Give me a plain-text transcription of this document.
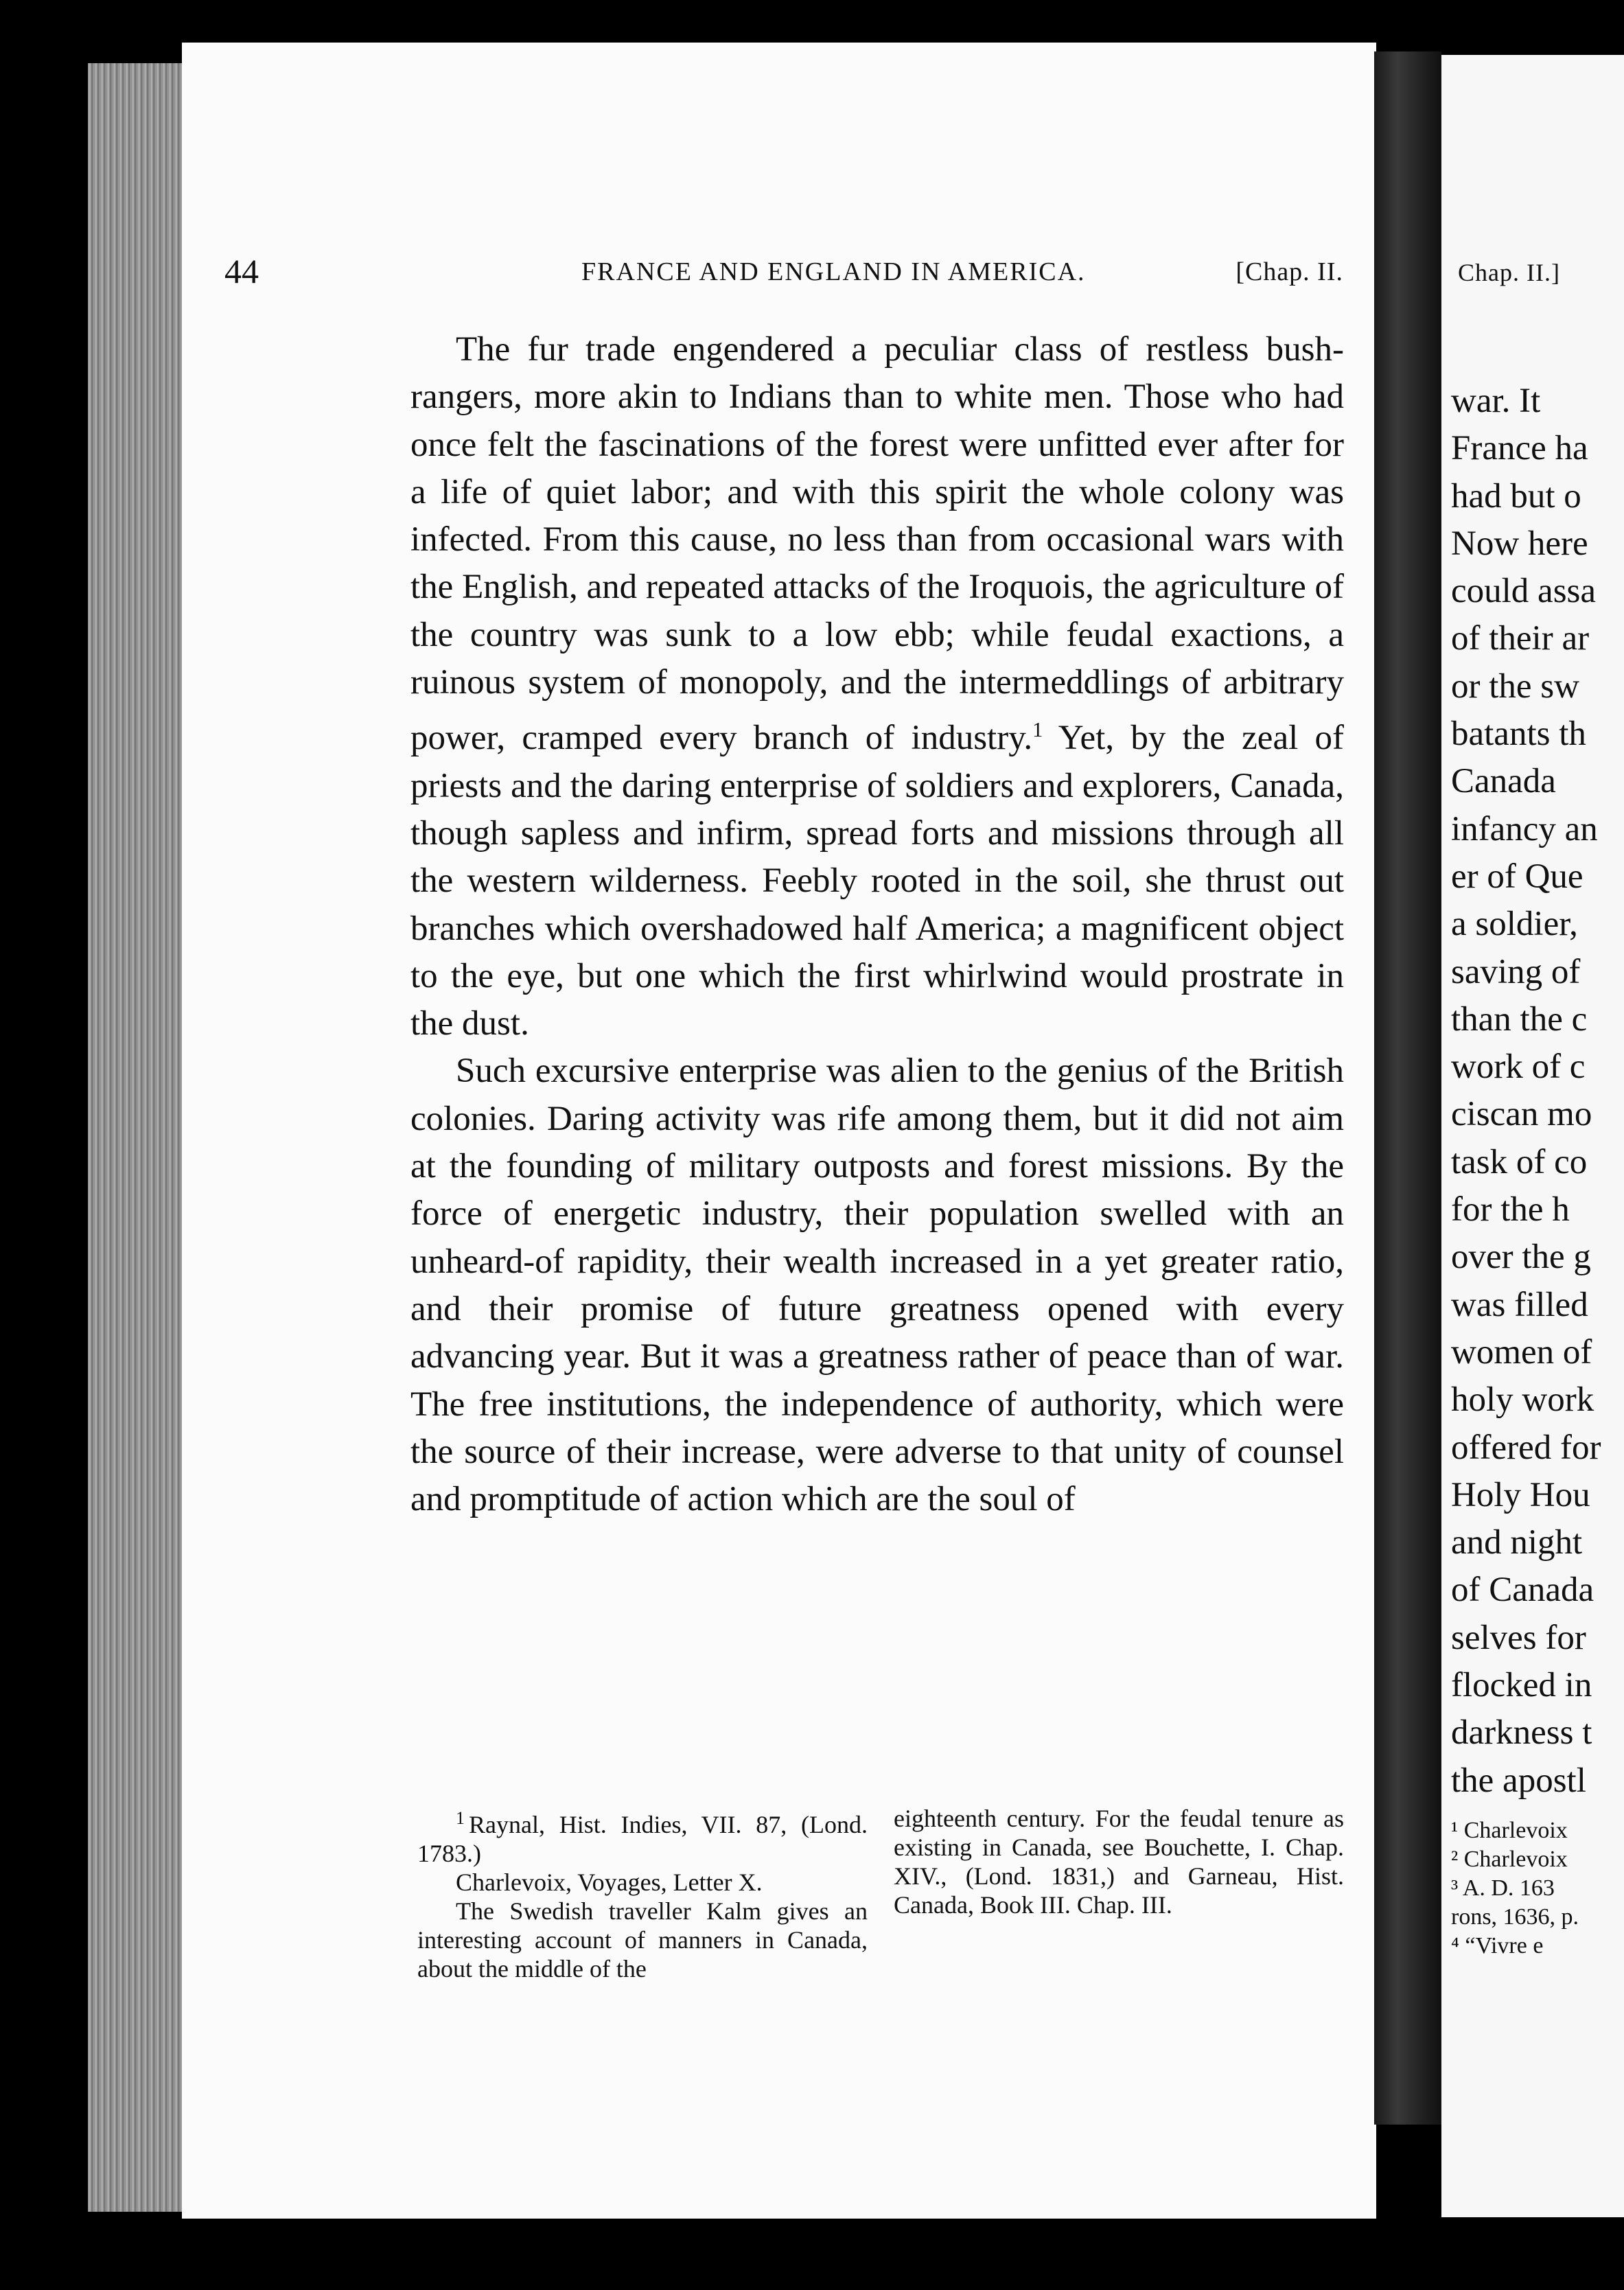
44	FRANCE AND ENGLAND IN AMERICA.	[Chap. II.

The fur trade engendered a peculiar class of restless bush-rangers, more akin to Indians than to white men. Those who had once felt the fascinations of the forest were unfitted ever after for a life of quiet labor; and with this spirit the whole colony was infected. From this cause, no less than from occasional wars with the English, and repeated attacks of the Iroquois, the agriculture of the country was sunk to a low ebb; while feudal exactions, a ruinous system of monopoly, and the intermeddlings of arbitrary power, cramped every branch of industry.$^1$ Yet, by the zeal of priests and the daring enterprise of soldiers and explorers, Canada, though sapless and infirm, spread forts and missions through all the western wilderness. Feebly rooted in the soil, she thrust out branches which overshadowed half America; a magnificent object to the eye, but one which the first whirlwind would prostrate in the dust.

Such excursive enterprise was alien to the genius of the British colonies. Daring activity was rife among them, but it did not aim at the founding of military outposts and forest missions. By the force of energetic industry, their population swelled with an unheard-of rapidity, their wealth increased in a yet greater ratio, and their promise of future greatness opened with every advancing year. But it was a greatness rather of peace than of war. The free institutions, the independence of authority, which were the source of their increase, were adverse to that unity of counsel and promptitude of action which are the soul of

$^1$ Raynal, Hist. Indies, VII. 87, (Lond. 1783.)

Charlevoix, Voyages, Letter X.

The Swedish traveller Kalm gives an interesting account of manners in Canada, about the middle of the

eighteenth century. For the feudal tenure as existing in Canada, see Bouchette, I. Chap. XIV., (Lond. 1831,) and Garneau, Hist. Canada, Book III. Chap. III.

Chap. II.]
war. It
France ha
had but o
Now here
could assa
of their ar
or the sw
batants th
Canada
infancy an
er of Que
a soldier,
saving of
than the c
work of c
ciscan mo
task of co
for the h
over the g
was filled
women of
holy work
offered for
Holy Hou
and night
of Canada
selves for
flocked in
darkness t
the apostl
¹ Charlevoix
² Charlevoix
³ A. D. 163
rons, 1636, p.
⁴ “Vivre e
